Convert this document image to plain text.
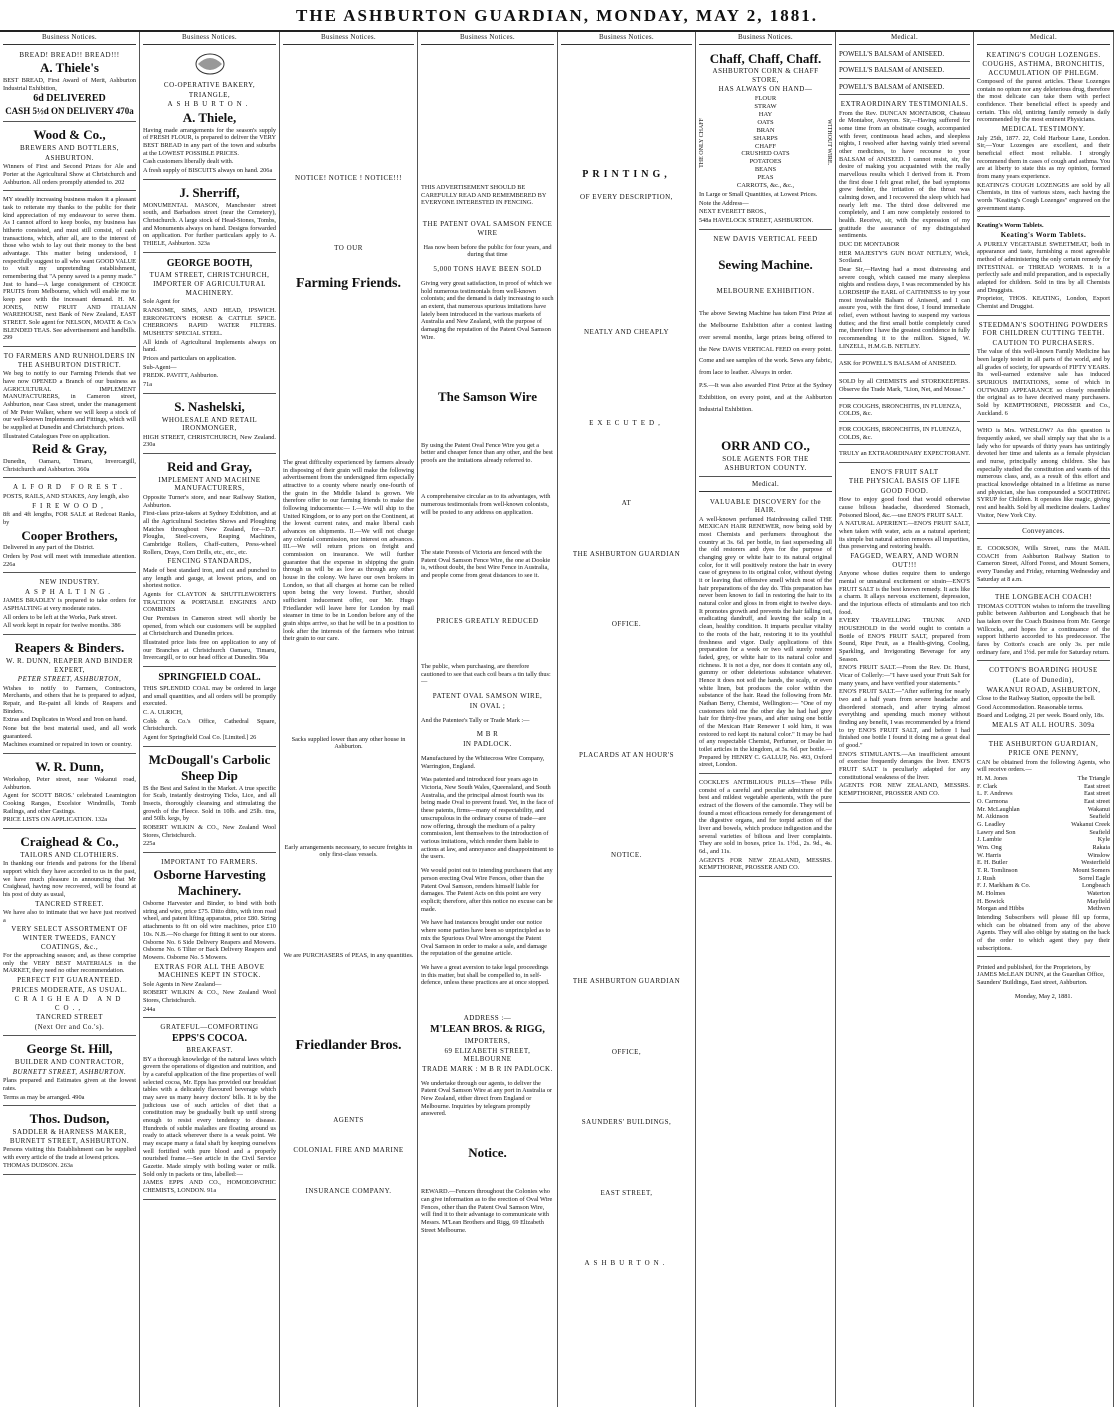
THE ASHBURTON GUARDIAN, MONDAY, MAY 2, 1881.
Business Notices.
BREAD! BREAD!! BREAD!!!
A. Thiele's

BEST BREAD, First Award of Merit, Ashburton Industrial Exhibition,

6d DELIVERED
CASH 5½d ON DELIVERY 470a
Wood & Co.,
BREWERS AND BOTTLERS,
ASHBURTON.

Winners of First and Second Prizes for Ale and Porter at the Agricultural Show at Christchurch and Ashburton. All orders promptly attended to. 202

MY steadily increasing business makes it a pleasant task to reiterate my thanks to the public for their kind appreciation of my endeavour to serve them. As I cannot afford to keep books, my business has hitherto consisted, and must still consist, of cash transactions, which, after all, are to the interest of those who wish to lay out their money to the best advantage. This matter being understood, I respectfully suggest to all who want GOOD VALUE to visit my unpretending establishment, remembering that "A penny saved is a penny made." Just to hand—A large consignment of CHOICE FRUITS from Melbourne, which will enable me to keep pace with the incessant demand. H. M. JONES, NEW FRUIT AND ITALIAN WAREHOUSE, next Bank of New Zealand, EAST STREET. Sole agent for NELSON, MOATE & Co.'s BLENDED TEAS. See advertisement and handbills. 299

TO FARMERS AND RUNHOLDERS IN THE ASHBURTON DISTRICT.

We beg to notify to our Farming Friends that we have now OPENED a Branch of our business as AGRICULTURAL IMPLEMENT MANUFACTURERS, in Cameron street, Ashburton, near Cass street, under the management of Mr Peter Walker, where we will keep a stock of our well-known Implements and Fittings, which will be supplied at Dunedin and Christchurch prices.

Illustrated Catalogues Free on application.

Reid & Gray,

Dunedin, Oamaru, Timaru, Invercargill, Christchurch and Ashburton. 360a

ALFORD FOREST.

POSTS, RAILS, AND STAKES, Any length, also

FIREWOOD,

8ft and 4ft lengths, FOR SALE at Redcoat Ranks, by

Cooper Brothers,

Delivered in any part of the District.

Orders by Post will meet with immediate attention. 226a

NEW INDUSTRY.
ASPHALTING.

JAMES BRADLEY is prepared to take orders for ASPHALTING at very moderate rates.

All orders to be left at the Works, Park street.

All work kept in repair for twelve months. 386

Reapers & Binders.
W. R. DUNN, REAPER AND BINDER EXPERT,
PETER STREET, ASHBURTON,

Wishes to notify to Farmers, Contractors, Merchants, and others that he is prepared to adjust, Repair, and Re-paint all kinds of Reapers and Binders.

Extras and Duplicates in Wood and Iron on hand.

None but the best material used, and all work guaranteed.

Machines examined or repaired in town or country.

W. R. Dunn,

Workshop, Peter street, near Wakanui road, Ashburton.

Agent for SCOTT BROS.' celebrated Leamington Cooking Ranges, Excelsior Windmills, Tomb Railings, and other Castings.

PRICE LISTS ON APPLICATION. 132a

Craighead & Co.,
TAILORS AND CLOTHIERS.

In thanking our friends and patrons for the liberal support which they have accorded to us in the past, we have much pleasure in announcing that Mr Craighead, having now recovered, will be found at his post of duty as usual,

TANCRED STREET.

We have also to intimate that we have just received a

VERY SELECT ASSORTMENT OF WINTER TWEEDS, FANCY COATINGS, &c.,

For the approaching season; and, as these comprise only the VERY BEST MATERIALS in the MARKET, they need no other recommendation.

PERFECT FIT GUARANTEED.
PRICES MODERATE, AS USUAL.
CRAIGHEAD AND CO.,
TANCRED STREET
(Next Orr and Co.'s).
George St. Hill,
BUILDER AND CONTRACTOR,
BURNETT STREET, ASHBURTON.

Plans prepared and Estimates given at the lowest rates.

Terms as may be arranged. 490a

Thos. Dudson,
SADDLER & HARNESS MAKER, BURNETT STREET, ASHBURTON.

Persons visiting this Establishment can be supplied with every article of the trade at lowest prices.

THOMAS DUDSON. 263a

Business Notices.
CO-OPERATIVE BAKERY,
TRIANGLE,
ASHBURTON.
A. Thiele,

Having made arrangements for the season's supply of FRESH FLOUR, is prepared to deliver the VERY BEST BREAD in any part of the town and suburbs at the LOWEST POSSIBLE PRICES.

Cash customers liberally dealt with.

A fresh supply of BISCUITS always on hand. 206a

J. Sherriff,

MONUMENTAL MASON, Manchester street south, and Barbadoes street (near the Cemetery), Christchurch. A large stock of Head-Stones, Tombs, and Monuments always on hand. Designs forwarded on application. For further particulars apply to A. THIELE, Ashburton. 323a

GEORGE BOOTH,
TUAM STREET, CHRISTCHURCH,
IMPORTER OF AGRICULTURAL MACHINERY.

Sole Agent for

RANSOME, SIMS, AND HEAD, IPSWICH. ERRONGTON'S HORSE & CATTLE SPICE. CHERRON'S RAPID WATER FILTERS. MUSHETS' SPECIAL STEEL.

All kinds of Agricultural Implements always on hand.

Prices and particulars on application.

Sub-Agent—

FREDK. PAVITT, Ashburton.

71a

S. Nashelski,
WHOLESALE AND RETAIL IRONMONGER,

HIGH STREET, CHRISTCHURCH, New Zealand. 230a

Reid and Gray,
IMPLEMENT AND MACHINE MANUFACTURERS,

Opposite Turner's store, and near Railway Station, Ashburton.

First-class prize-takers at Sydney Exhibition, and at all the Agricultural Societies Shows and Ploughing Matches throughout New Zealand, for—D.F. Ploughs, Steel-covers, Reaping Machines, Cambridge Rollers, Chaff-cutters, Press-wheel Rollers, Drays, Corn Drills, etc., etc., etc.

FENCING STANDARDS,

Made of best standard iron, and cut and punched to any length and gauge, at lowest prices, and on shortest notice.

Agents for CLAYTON & SHUTTLEWORTH'S TRACTION & PORTABLE ENGINES AND COMBINES

Our Premises in Cameron street will shortly be opened, from which our customers will be supplied at Christchurch and Dunedin prices.

Illustrated price lists free on application to any of our Branches at Christchurch Oamaru, Timaru, Invercargill, or to our head office at Dunedin. 90a

SPRINGFIELD COAL.

THIS SPLENDID COAL may be ordered in large and small quantities, and all orders will be promptly executed.

C. A. ULRICH,

Cobb & Co.'s Office, Cathedral Square, Christchurch.

Agent for Springfield Coal Co. [Limited.] 26

McDougall's Carbolic Sheep Dip

IS the Best and Safest in the Market. A true specific for Scab, instantly destroying Ticks, Lice, and all Insects, thoroughly cleansing and stimulating the growth of the Fleece. Sold in 10lb. and 25lb. tins, and 50lb. kegs, by

ROBERT WILKIN & CO., New Zealand Wool Stores, Christchurch.

225a

IMPORTANT TO FARMERS.
Osborne Harvesting Machinery.

Osborne Harvester and Binder, to bind with both string and wire, price £75. Ditto ditto, with iron road wheel, and patent lifting apparatus, price £80. String attachments to fit on old wire machines, price £10 10s. N.B.—No charge for fitting it sent to our stores. Osborne No. 6 Side Delivery Reapers and Mowers. Osborne No. 6 Tilter or Back Delivery Reapers and Mowers. Osborne No. 5 Mowers.

EXTRAS FOR ALL THE ABOVE MACHINES KEPT IN STOCK.

Sole Agents in New Zealand—

ROBERT WILKIN & CO., New Zealand Wool Stores, Christchurch.

244a

GRATEFUL—COMFORTING
EPPS'S COCOA.
BREAKFAST.

BY a thorough knowledge of the natural laws which govern the operations of digestion and nutrition, and by a careful application of the fine properties of well selected cocoa, Mr. Epps has provided our breakfast tables with a delicately flavoured beverage which may save us many heavy doctors' bills. It is by the judicious use of such articles of diet that a constitution may be gradually built up until strong enough to resist every tendency to disease. Hundreds of subtle maladies are floating around us ready to attack wherever there is a weak point. We may escape many a fatal shaft by keeping ourselves well fortified with pure blood and a properly nourished frame.—See article in the Civil Service Gazette. Made simply with boiling water or milk. Sold only in packets or tins, labelled:—

JAMES EPPS AND CO., HOMOEOPATHIC CHEMISTS, LONDON. 91a

Business Notices.
NOTICE! NOTICE ! NOTICE!!!
TO OUR
Farming Friends.

The great difficulty experienced by farmers already in disposing of their grain will make the following advertisement from the undersigned firm especially attractive to a county where nearly one-fourth of the grain in the Middle Island is grown. We therefore offer to our farming friends to make the following inducements:— I.—We will ship to the United Kingdom, or to any port on the Continent, at the lowest current rates, and make liberal cash advances on shipments. II.—We will not charge any colonial commission, nor interest on advances. III.—We will return prices on freight and commission on insurance. We will further guarantee that the expense in shipping the grain through us will be as low as through any other house in the colony. We have our own brokers in London, so that all charges at home can be relied upon being the very lowest. Further, should sufficient inducement offer, our Mr. Hugo Friedlander will leave here for London by mail steamer in time to be in London before any of the grain ships arrive, so that he will be in a position to look after the interests of the farmers who intrust their grain to our care.

Sacks supplied lower than any other house in Ashburton.

Early arrangements necessary, to secure freights in only first-class vessels.

We are PURCHASERS of PEAS, in any quantities.

Friedlander Bros.
AGENTS
COLONIAL FIRE AND MARINE
INSURANCE COMPANY.
Business Notices.

THIS ADVERTISEMENT SHOULD BE CAREFULLY READ AND REMEMBERED BY EVERYONE INTERESTED IN FENCING.

THE PATENT OVAL SAMSON FENCE WIRE

Has now been before the public for four years, and during that time

5,000 TONS HAVE BEEN SOLD

Giving very great satisfaction, in proof of which we hold numerous testimonials from well-known colonists; and the demand is daily increasing to such an extent, that numerous spurious imitations have lately been introduced in the various markets of Australia and New Zealand, with the purpose of damaging the reputation of the Patent Oval Samson Wire.

The Samson Wire

By using the Patent Oval Fence Wire you get a better and cheaper fence than any other, and the best proofs are the imitations already referred to.

A comprehensive circular as to its advantages, with numerous testimonials from well-known colonists, will be posted to any address on application.

The state Forests of Victoria are fenced with the Patent Oval Samson Fence Wire, the one at Dookie is, without doubt, the best Wire Fence in Australia, and people come from great distances to see it.

PRICES GREATLY REDUCED

The public, when purchasing, are therefore cautioned to see that each coil bears a tin tally thus:—

PATENT OVAL SAMSON WIRE,
IN OVAL ;

And the Patentee's Tally or Trade Mark :—

M B R
IN PADLOCK.

Manufactured by the Whitecross Wire Company, Warrington, England.

Was patented and introduced four years ago in Victoria, New South Wales, Queensland, and South Australia, and the principal almost fourth was its being made Oval to prevent fraud. Yet, in the face of these patents, firms—many of respectability, and unscrupulous in the ordinary course of trade—are now offering, through the medium of a paltry commission, lent themselves to the introduction of various imitations, which render them liable to actions at law, and annoyance and disappointment to the users.

We would point out to intending purchasers that any person erecting Oval Wire Fences, other than the Patent Oval Samson, renders himself liable for damages. The Patent Acts on this point are very explicit; therefore, after this notice no excuse can be made.

We have had instances brought under our notice where some parties have been so unprincipled as to mix the Spurious Oval Wire amongst the Patent Oval Samson in order to make a sale, and damage the reputation of the genuine article.

We have a great aversion to take legal proceedings in this matter, but shall be compelled to, in self-defence, unless these practices are at once stopped.

ADDRESS :—
M'LEAN BROS. & RIGG,
IMPORTERS,
69 ELIZABETH STREET, MELBOURNE
TRADE MARK : M B R IN PADLOCK.

We undertake through our agents, to deliver the Patent Oval Samson Wire at any port in Australia or New Zealand, either direct from England or Melbourne. Inquiries by telegram promptly answered.

Notice.

REWARD.—Fencers throughout the Colonies who can give information as to the erection of Oval Wire Fences, other than the Patent Oval Samson Wire, will find it to their advantage to communicate with Messrs. M'Lean Brothers and Rigg, 69 Elizabeth Street Melbourne.

Business Notices.
PRINTING,
OF EVERY DESCRIPTION,
NEATLY AND CHEAPLY
EXECUTED,
AT
THE ASHBURTON GUARDIAN
OFFICE.
PLACARDS AT AN HOUR'S
NOTICE.
THE ASHBURTON GUARDIAN
OFFICE,
SAUNDERS' BUILDINGS,
EAST STREET,
ASHBURTON.
Business Notices.
Chaff, Chaff, Chaff.
ASHBURTON CORN & CHAFF STORE,
HAS ALWAYS ON HAND—
THE ONLY CHAFF
FLOUR
STRAW
HAY
OATS
BRAN
SHARPS
CHAFF
CRUSHED OATS
POTATOES
BEANS
PEAS
CARROTS, &c., &c.,
WITHOUT WIRE.

In Large or Small Quantities, at Lowest Prices.

Note the Address—

NEXT EVERETT BROS.,

548a HAVELOCK STREET, ASHBURTON.

NEW DAVIS VERTICAL FEED
Sewing Machine.
MELBOURNE EXHIBITION.

The above Sewing Machine has taken First Prize at the Melbourne Exhibition after a contest lasting over several months, large prizes being offered to the New DAVIS VERTICAL FEED on every point. Come and see samples of the work. Sews any fabric, from lace to leather. Always in order.

P.S.—It was also awarded First Prize at the Sydney Exhibition, on every point, and at the Ashburton Industrial Exhibition.

ORR AND CO.,
SOLE AGENTS FOR THE ASHBURTON COUNTY.
Medical.
VALUABLE DISCOVERY for the HAIR.

A well-known perfumed Hairdressing called THE MEXICAN HAIR RENEWER, now being sold by most Chemists and perfumers throughout the country at 3s. 6d. per bottle, in fast superseding all the old restorers and dyes for the purpose of changing grey or white hair to its natural original color, for it will positively restore the hair in every case of greyness to its original color, without dyeing it or leaving that offensive smell which most of the hair preparations of the day do. This preparation has never been known to fail in restoring the hair to its natural color and gloss in from eight to twelve days. It promotes growth and prevents the hair falling out, eradicating dandruff, and leaving the scalp in a clean, healthy condition. It imparts peculiar vitality to the roots of the hair, restoring it to its youthful freshness and vigor. Daily applications of this preparation for a week or two will surely restore faded, grey, or white hair to its natural color and richness. It is not a dye, nor does it contain any oil, gummy or other deleterious substance whatever. Hence it does not soil the hands, the scalp, or even white linen, but produces the color within the substance of the hair. Read the following from Mr. Nathan Berry, Chemist, Wellington:— "One of my customers told me the other day he had had grey hair for thirty-five years, and after using one bottle of the Mexican Hair Renewer I sold him, it was restored to red kept its natural color." It may be had of any respectable Chemist, Perfumer, or Dealer in toilet articles in the kingdom, at 3s. 6d. per bottle.—Prepared by HENRY C. GALLUP, No. 493, Oxford street, London.

COCKLE'S ANTIBILIOUS PILLS—These Pills consist of a careful and peculiar admixture of the best and mildest vegetable aperients, with the pure extract of the flowers of the camomile. They will be found a most efficacious remedy for derangement of the digestive organs, and for torpid action of the liver and bowels, which produce indigestion and the several varieties of bilious and liver complaints. They are sold in boxes, price 1s. 1½d., 2s. 9d., 4s. 6d., and 11s.

AGENTS FOR NEW ZEALAND, MESSRS. KEMPTHORNE, PROSSER AND CO.

Medical.
POWELL'S BALSAM of ANISEED.
POWELL'S BALSAM of ANISEED.
POWELL'S BALSAM of ANISEED.
EXTRAORDINARY TESTIMONIALS.

From the Rev. DUNCAN MONTABOR, Chateau de Montabor, Aveyron. Sir,—Having suffered for some time from an obstinate cough, accompanied with fever, continuous head aches, and sleepless nights, I resolved after having vainly tried several other medicines, to have recourse to your BALSAM of ANISEED. I cannot resist, sir, the desire of making you acquainted with the really marvellous results which I derived from it. From the first dose I felt great relief, the bad symptoms grew feebler, the irritation of the throat was calming down, and I recovered the sleep which had nearly left me. The third dose delivered me completely, and I am now completely restored to health. Receive, sir, with the expression of my gratitude the assurance of my distinguished sentiments.

DUC DE MONTABOR

HER MAJESTY'S GUN BOAT NETLEY, Wick, Scotland.

Dear Sir,—Having had a most distressing and severe cough, which caused me many sleepless nights and restless days, I was recommended by his LORDSHIP the EARL of CAITHNESS to try your most invaluable Balsam of Aniseed, and I can assure you, with the first dose, I found immediate relief, even without having to suspend my various duties; and the first small bottle completely cured me, therefore I have the greatest confidence in fully recommending it to the million. Signed, W. LINZELL, H.M.G.B. NETLEY.

ASK for POWELL'S BALSAM of ANISEED.

SOLD by all CHEMISTS and STOREKEEPERS. Observe the Trade Mark, "Lion, Net, and Mouse."

FOR COUGHS, BRONCHITIS, IN FLUENZA, COLDS, &c.
FOR COUGHS, BRONCHITIS, IN FLUENZA, COLDS, &c.

TRULY an EXTRAORDINARY EXPECTORANT.

ENO'S FRUIT SALT
THE PHYSICAL BASIS OF LIFE
GOOD FOOD.

How to enjoy good food that would otherwise cause bilious headache, disordered Stomach, Poisoned Blood, &c.—use ENO'S FRUIT SALT.

A NATURAL APERIENT.—ENO'S FRUIT SALT, when taken with water, acts as a natural aperient; its simple but natural action removes all impurities, thus preserving and restoring health.

FAGGED, WEARY, AND WORN OUT!!!

Anyone whose duties require them to undergo mental or unnatural excitement or strain—ENO'S FRUIT SALT is the best known remedy. It acts like a charm. It allays nervous excitement, depression, and the injurious effects of stimulants and too rich food.

EVERY TRAVELLING TRUNK AND HOUSEHOLD in the world ought to contain a Bottle of ENO'S FRUIT SALT, prepared from Sound, Ripe Fruit, as a Health-giving, Cooling, Sparkling, and Invigorating Beverage for any Season.

ENO'S FRUIT SALT.—From the Rev. Dr. Hurst, Vicar of Collerly:—"I have used your Fruit Salt for many years, and have verified your statements."

ENO'S FRUIT SALT.—"After suffering for nearly two and a half years from severe headache and disordered stomach, and after trying almost everything and spending much money without finding any benefit, I was recommended by a friend to try ENO'S FRUIT SALT, and before I had finished one bottle I found it doing me a great deal of good."

ENO'S STIMULANTS.—An insufficient amount of exercise frequently deranges the liver. ENO'S FRUIT SALT is peculiarly adapted for any constitutional weakness of the liver.

AGENTS FOR NEW ZEALAND, MESSRS. KEMPTHORNE, PROSSER AND CO.

Medical.
KEATING'S COUGH LOZENGES.
COUGHS, ASTHMA, BRONCHITIS, ACCUMULATION OF PHLEGM.

Composed of the purest articles. These Lozenges contain no opium nor any deleterious drug, therefore the most delicate can take them with perfect confidence. Their beneficial effect is speedy and certain. This old, untiring family remedy is daily recommended by the most eminent Physicians.

MEDICAL TESTIMONY.

July 25th, 1877. 22, Cold Harbour Lane, London. Sir,—Your Lozenges are excellent, and their beneficial effect most reliable. I strongly recommend them in cases of cough and asthma. You are at liberty to state this as my opinion, formed from many years experience.

KEATING'S COUGH LOZENGES are sold by all Chemists, in tins of various sizes, each having the words "Keating's Cough Lozenges" engraved on the government stamp.

Keating's Worm Tablets.

Keating's Worm Tablets.

A PURELY VEGETABLE SWEETMEAT, both in appearance and taste, furnishing a most agreeable method of administering the only certain remedy for INTESTINAL or THREAD WORMS. It is a perfectly safe and mild preparation, and is especially adapted for children. Sold in tins by all Chemists and Druggists.

Proprietor, THOS. KEATING, London, Export Chemist and Druggist.

STEEDMAN'S SOOTHING POWDERS FOR CHILDREN CUTTING TEETH.
CAUTION TO PURCHASERS.

The value of this well-known Family Medicine has been largely tested in all parts of the world, and by all grades of society, for upwards of FIFTY YEARS. Its well-earned extensive sale has induced SPURIOUS IMITATIONS, some of which in OUTWARD APPEARANCE so closely resemble the original as to have deceived many purchasers. Sold by KEMPTHORNE, PROSSER and Co., Auckland. 6

WHO is Mrs. WINSLOW? As this question is frequently asked, we shall simply say that she is a lady who for upwards of thirty years has untiringly devoted her time and talents as a female physician and nurse, principally among children. She has especially studied the constitution and wants of this numerous class, and, as a result of this effort and practical knowledge obtained in a lifetime as nurse and physician, she has compounded a SOOTHING SYRUP for Children. It operates like magic, giving rest and health. Sold by all medicine dealers. Ladies' Visitor, New York City.

Conveyances.

E. COOKSON, Wills Street, runs the MAIL COACH from Ashburton Railway Station to Cameron Street, Alford Forest, and Mount Somers, every Tuesday and Friday, returning Wednesday and Saturday at 8 a.m.

THE LONGBEACH COACH!

THOMAS COTTON wishes to inform the travelling public between Ashburton and Longbeach that he has taken over the Coach Business from Mr. George Willcocks, and hopes for a continuance of the support hitherto accorded to his predecessor. The fares by Cotton's coach are only 3s. per mile ordinary fare, and 1½d. per mile for Saturday return.

COTTON'S BOARDING HOUSE
(Late of Dunedin),
WAKANUI ROAD, ASHBURTON,

Close to the Railway Station, opposite the bell.

Good Accommodation. Reasonable terms.

Board and Lodging, 21 per week. Board only, 18s.

MEALS AT ALL HOURS. 309a
THE ASHBURTON GUARDIAN,
PRICE ONE PENNY,

CAN be obtained from the following Agents, who will receive orders.—

H. M. Jones	The Triangle
F. Clark	East street
L. F. Andrews	East street
O. Carmona	East street
Mr. McLaughlan	Wakanui
M. Atkinson	Seafield
G. Leadley	Wakanui Creek
Lawry and Son	Seafield
J. Lambie	Kyle
Wm. Ong	Rakaia
W. Harris	Winslow
E. H. Butler	Westerfield
T. R. Tomlinson	Mount Somers
J. Rush	Sorrel Eagle
F. J. Markham & Co.	Longbeach
M. Holmes	Waterton
H. Bowick	Mayfield
Morgan and Hibbs	Methven

Intending Subscribers will please fill up forms, which can be obtained from any of the above Agents. They will also oblige by stating on the back of the order to which agent they pay their subscriptions.

Printed and published, for the Proprietors, by JAMES McLEAN DUNN, at the Guardian Office, Saunders' Buildings, East street, Ashburton.

Monday, May 2, 1881.
